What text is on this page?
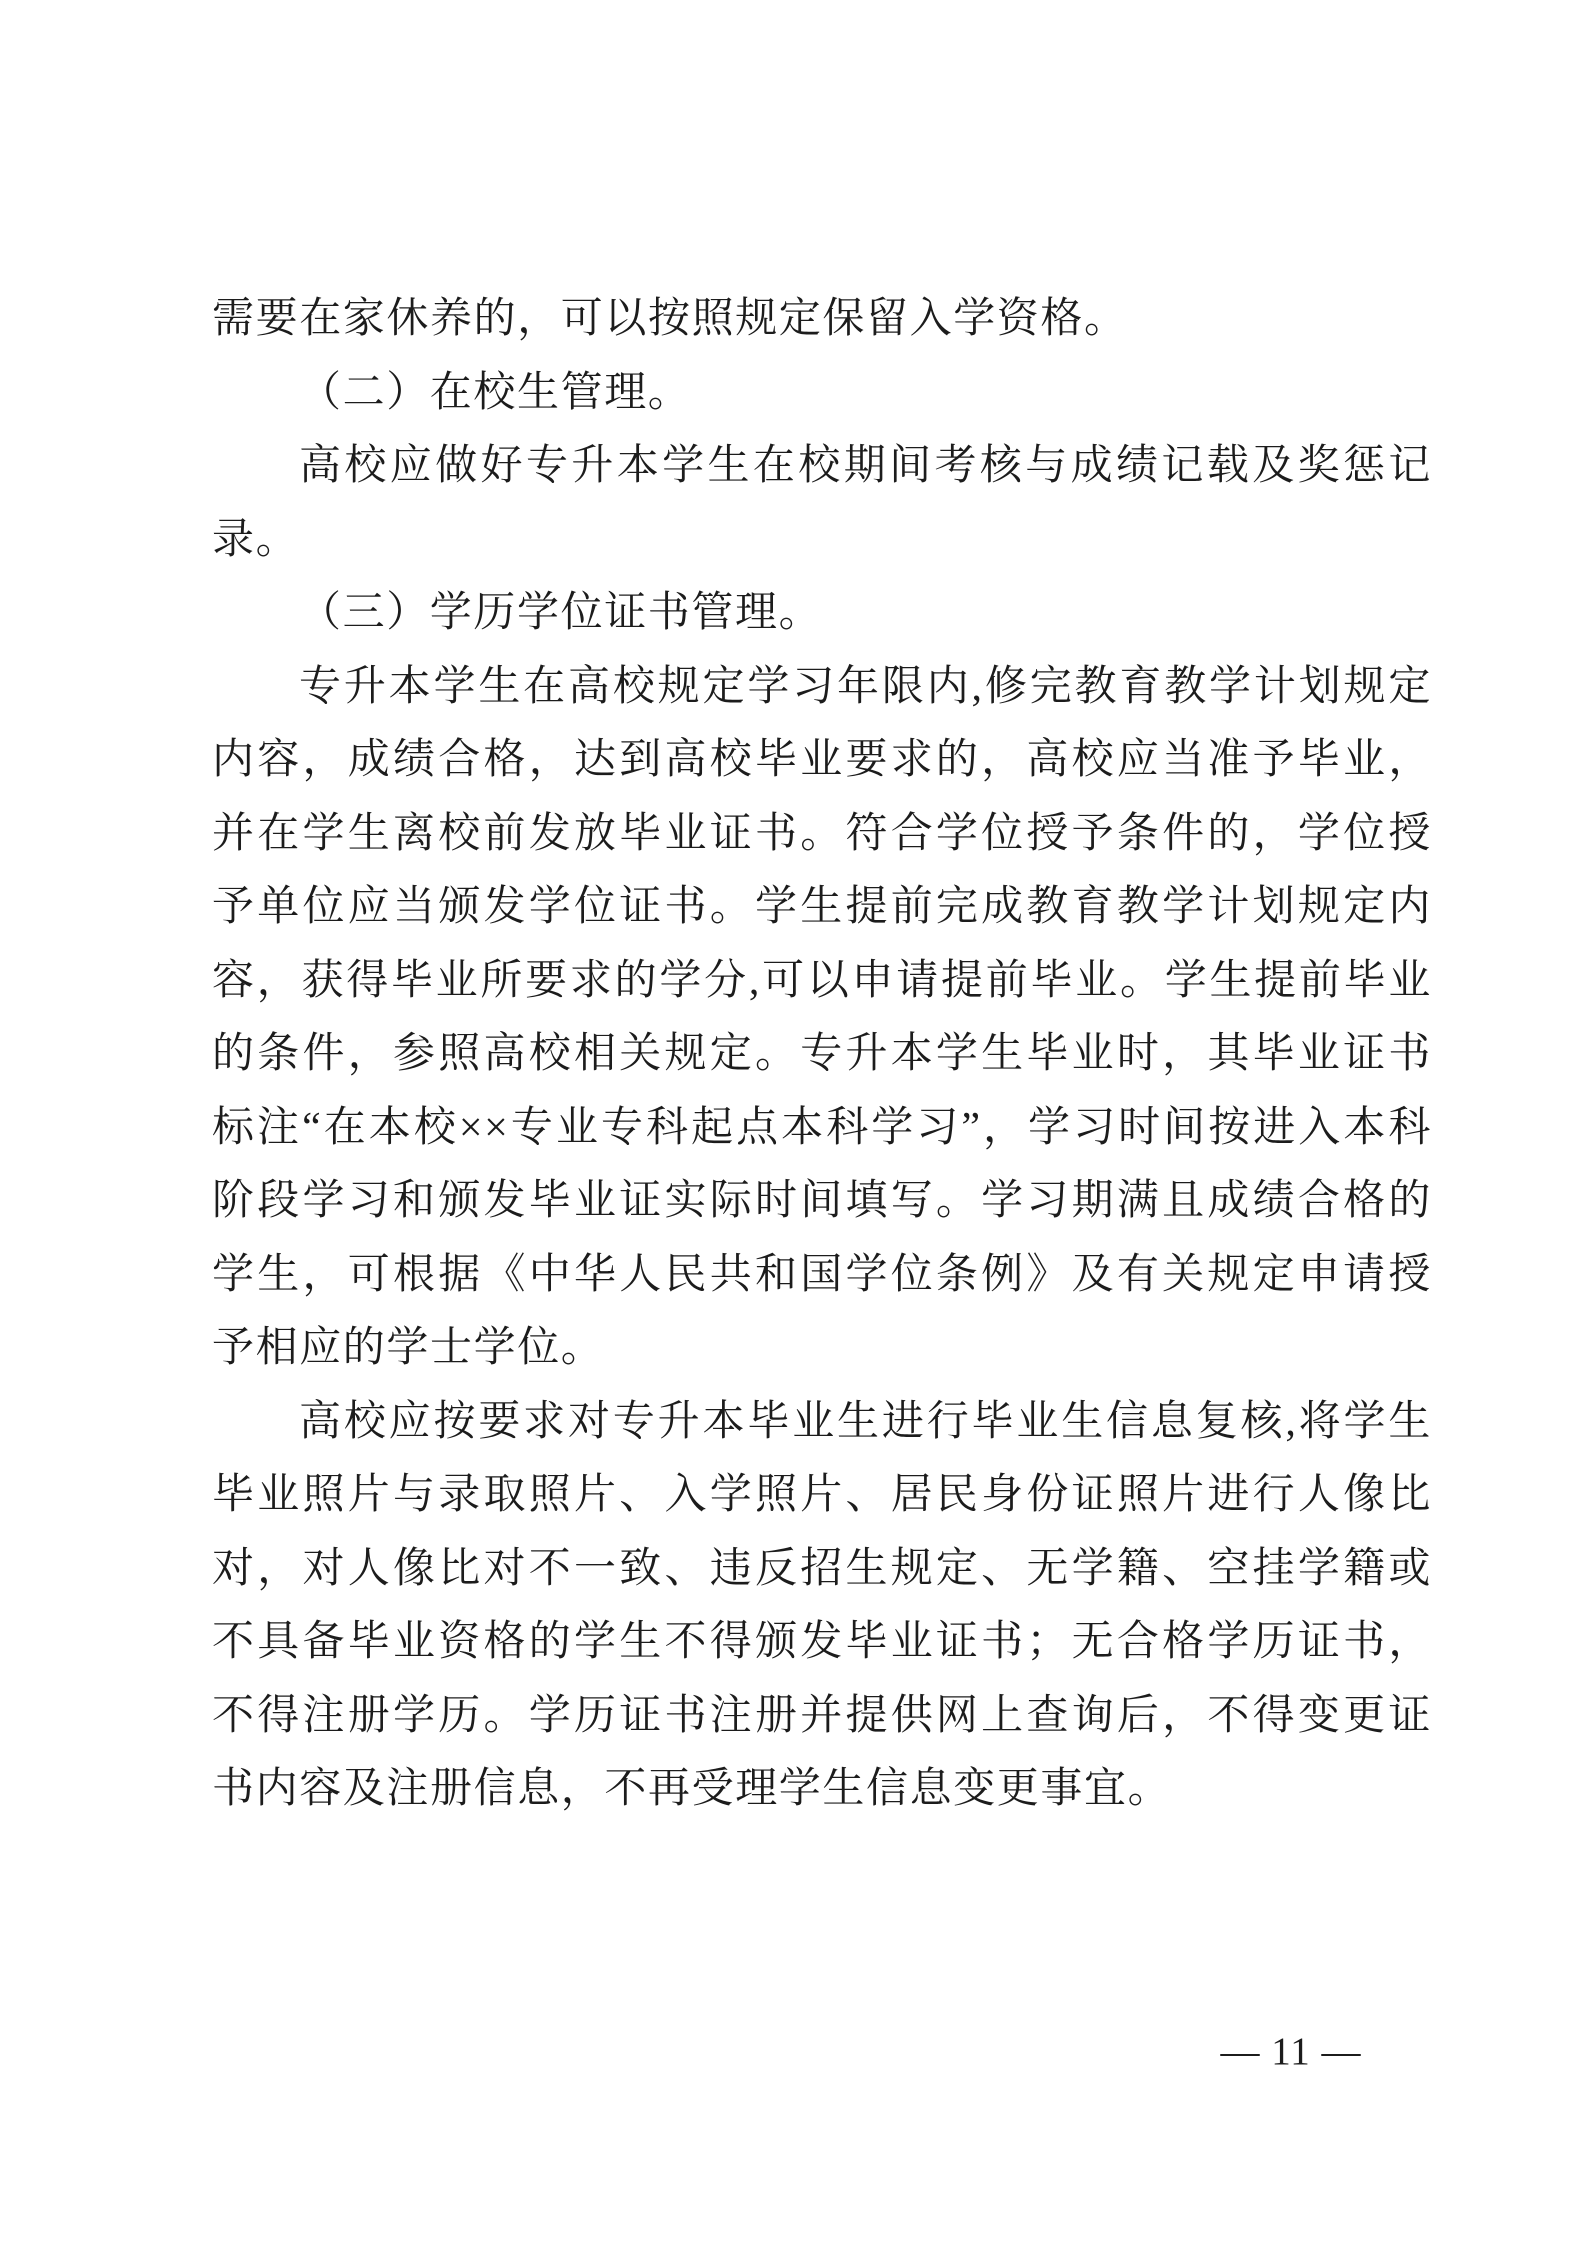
需要在家休养的，可以按照规定保留入学资格。

（二）在校生管理。

高校应做好专升本学生在校期间考核与成绩记载及奖惩记录。

（三）学历学位证书管理。

专升本学生在高校规定学习年限内,修完教育教学计划规定内容，成绩合格，达到高校毕业要求的，高校应当准予毕业，并在学生离校前发放毕业证书。符合学位授予条件的，学位授予单位应当颁发学位证书。学生提前完成教育教学计划规定内容，获得毕业所要求的学分,可以申请提前毕业。学生提前毕业的条件，参照高校相关规定。专升本学生毕业时，其毕业证书标注“在本校××专业专科起点本科学习”，学习时间按进入本科阶段学习和颁发毕业证实际时间填写。学习期满且成绩合格的学生，可根据《中华人民共和国学位条例》及有关规定申请授予相应的学士学位。

高校应按要求对专升本毕业生进行毕业生信息复核,将学生毕业照片与录取照片、入学照片、居民身份证照片进行人像比对，对人像比对不一致、违反招生规定、无学籍、空挂学籍或不具备毕业资格的学生不得颁发毕业证书；无合格学历证书，不得注册学历。学历证书注册并提供网上查询后，不得变更证书内容及注册信息，不再受理学生信息变更事宜。

— 11 —
